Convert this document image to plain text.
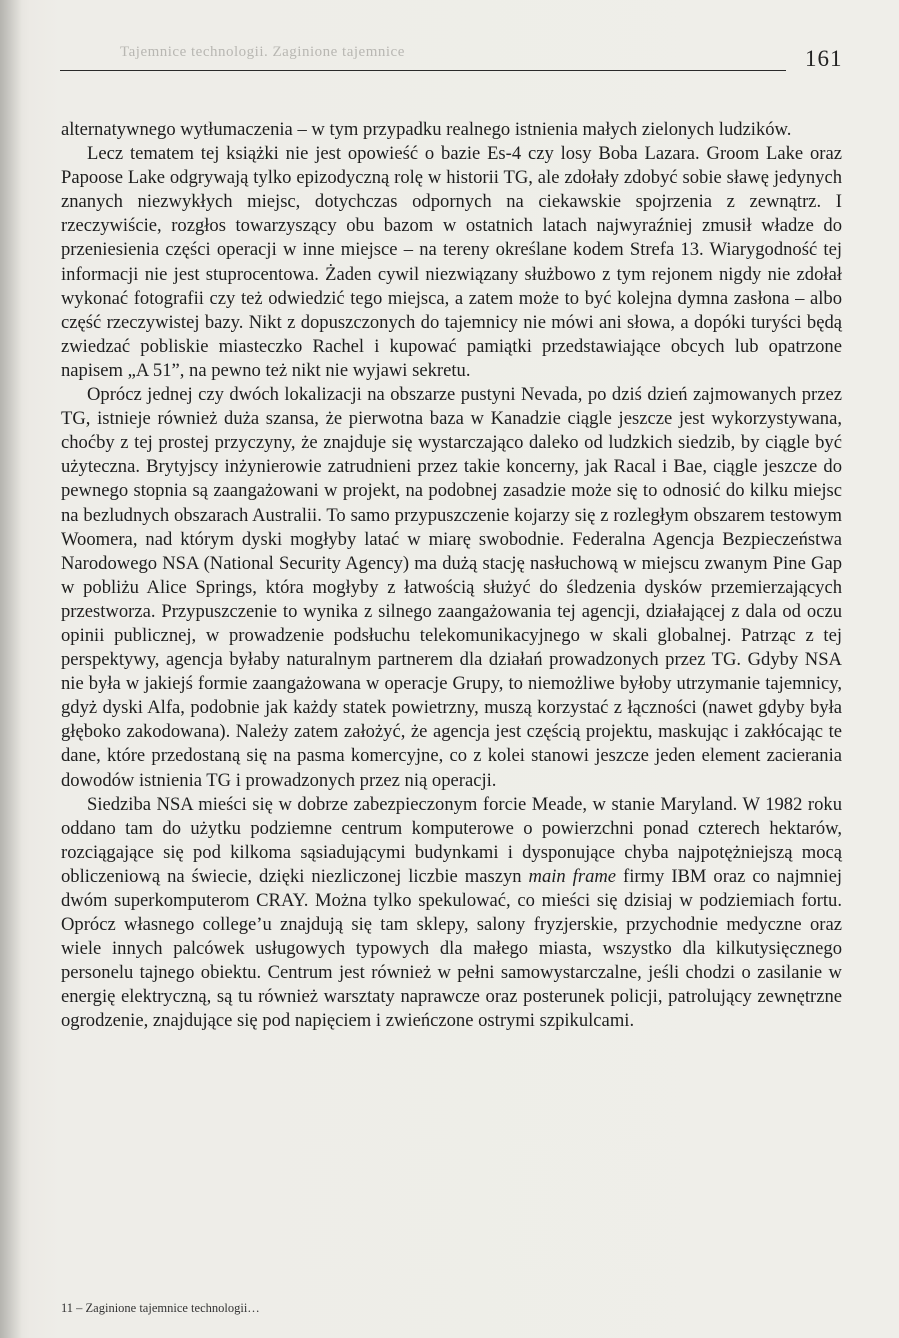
Tajemnice technologii. Zaginione tajemnice	161

alternatywnego wytłumaczenia – w tym przypadku realnego istnienia małych zielonych ludzików.

Lecz tematem tej książki nie jest opowieść o bazie Es-4 czy losy Boba Lazara. Groom Lake oraz Papoose Lake odgrywają tylko epizodyczną rolę w historii TG, ale zdołały zdobyć sobie sławę jedynych znanych niezwykłych miejsc, dotychczas odpornych na ciekawskie spojrzenia z zewnątrz. I rzeczywiście, rozgłos towarzyszący obu bazom w ostatnich latach najwyraźniej zmusił władze do przeniesienia części operacji w inne miejsce – na tereny określane kodem Strefa 13. Wiarygodność tej informacji nie jest stuprocentowa. Żaden cywil niezwiązany służbowo z tym rejonem nigdy nie zdołał wykonać fotografii czy też odwiedzić tego miejsca, a zatem może to być kolejna dymna zasłona – albo część rzeczywistej bazy. Nikt z dopuszczonych do tajemnicy nie mówi ani słowa, a dopóki turyści będą zwiedzać pobliskie miasteczko Rachel i kupować pamiątki przedstawiające obcych lub opatrzone napisem „A 51”, na pewno też nikt nie wyjawi sekretu.

Oprócz jednej czy dwóch lokalizacji na obszarze pustyni Nevada, po dziś dzień zajmowanych przez TG, istnieje również duża szansa, że pierwotna baza w Kanadzie ciągle jeszcze jest wykorzystywana, choćby z tej prostej przyczyny, że znajduje się wystarczająco daleko od ludzkich siedzib, by ciągle być użyteczna. Brytyjscy inżynierowie zatrudnieni przez takie koncerny, jak Racal i Bae, ciągle jeszcze do pewnego stopnia są zaangażowani w projekt, na podobnej zasadzie może się to odnosić do kilku miejsc na bezludnych obszarach Australii. To samo przypuszczenie kojarzy się z rozległym obszarem testowym Woomera, nad którym dyski mogłyby latać w miarę swobodnie. Federalna Agencja Bezpieczeństwa Narodowego NSA (National Security Agency) ma dużą stację nasłuchową w miejscu zwanym Pine Gap w pobliżu Alice Springs, która mogłyby z łatwością służyć do śledzenia dysków przemierzających przestworza. Przypuszczenie to wynika z silnego zaangażowania tej agencji, działającej z dala od oczu opinii publicznej, w prowadzenie podsłuchu telekomunikacyjnego w skali globalnej. Patrząc z tej perspektywy, agencja byłaby naturalnym partnerem dla działań prowadzonych przez TG. Gdyby NSA nie była w jakiejś formie zaangażowana w operacje Grupy, to niemożliwe byłoby utrzymanie tajemnicy, gdyż dyski Alfa, podobnie jak każdy statek powietrzny, muszą korzystać z łączności (nawet gdyby była głęboko zakodowana). Należy zatem założyć, że agencja jest częścią projektu, maskując i zakłócając te dane, które przedostaną się na pasma komercyjne, co z kolei stanowi jeszcze jeden element zacierania dowodów istnienia TG i prowadzonych przez nią operacji.

Siedziba NSA mieści się w dobrze zabezpieczonym forcie Meade, w stanie Maryland. W 1982 roku oddano tam do użytku podziemne centrum komputerowe o powierzchni ponad czterech hektarów, rozciągające się pod kilkoma sąsiadującymi budynkami i dysponujące chyba najpotężniejszą mocą obliczeniową na świecie, dzięki niezliczonej liczbie maszyn main frame firmy IBM oraz co najmniej dwóm superkomputerom CRAY. Można tylko spekulować, co mieści się dzisiaj w podziemiach fortu. Oprócz własnego college’u znajdują się tam sklepy, salony fryzjerskie, przychodnie medyczne oraz wiele innych palcówek usługowych typowych dla małego miasta, wszystko dla kilkutysięcznego personelu tajnego obiektu. Centrum jest również w pełni samowystarczalne, jeśli chodzi o zasilanie w energię elektryczną, są tu również warsztaty naprawcze oraz posterunek policji, patrolujący zewnętrzne ogrodzenie, znajdujące się pod napięciem i zwieńczone ostrymi szpikulcami.

11 – Zaginione tajemnice technologii…
